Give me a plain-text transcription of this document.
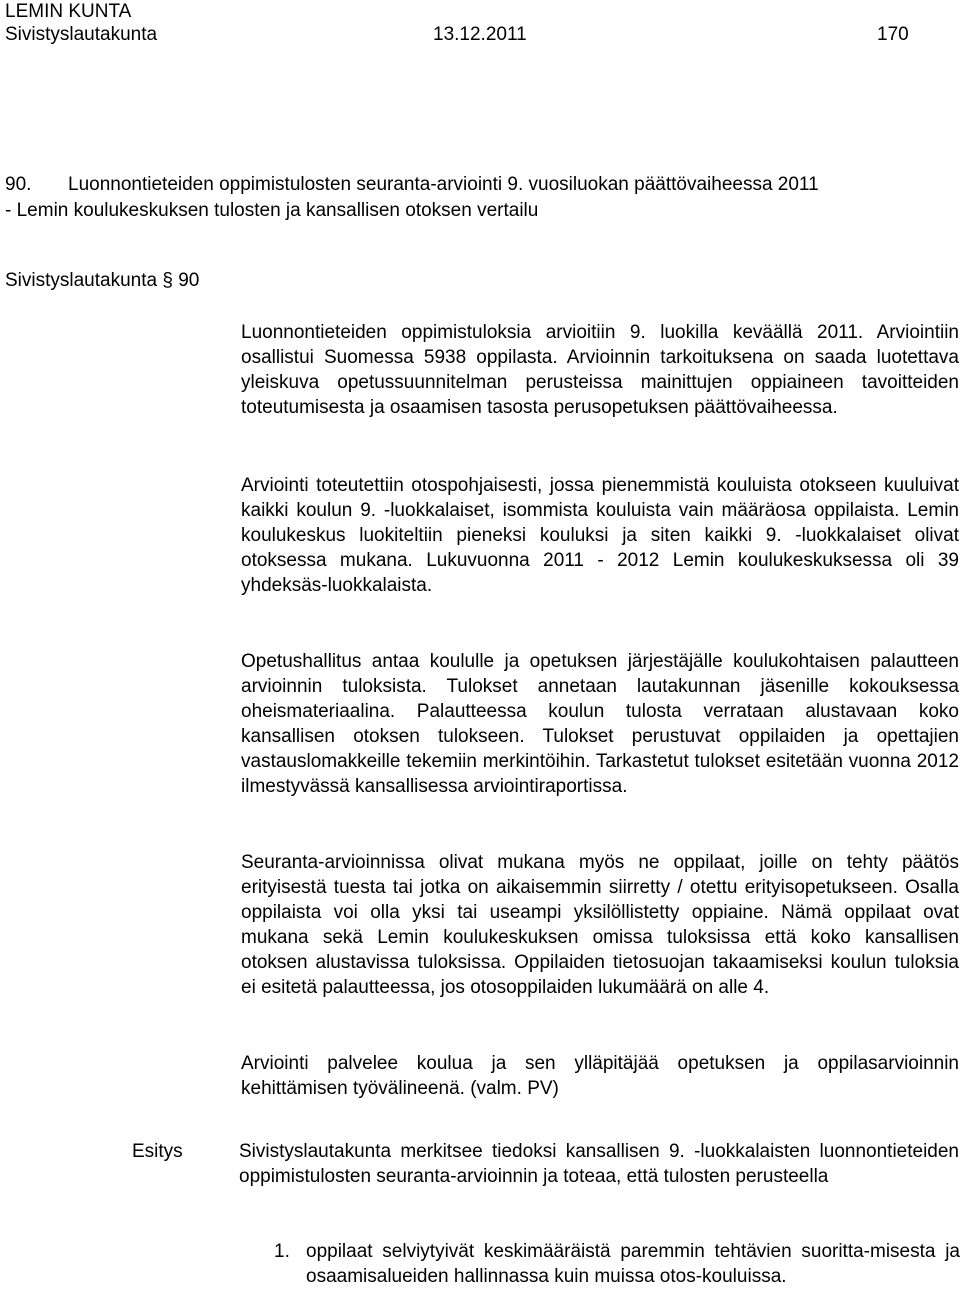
LEMIN KUNTA
Sivistyslautakunta	13.12.2011	170
90. Luonnontieteiden oppimistulosten seuranta-arviointi 9. vuosiluokan päättövaiheessa 2011
- Lemin koulukeskuksen tulosten ja kansallisen otoksen vertailu
Sivistyslautakunta § 90

Luonnontieteiden oppimistuloksia arvioitiin 9. luokilla keväällä 2011. Arviointiin osallistui Suomessa 5938 oppilasta. Arvioinnin tarkoituksena on saada luotettava yleiskuva opetussuunnitelman perusteissa mainittujen oppiaineen tavoitteiden toteutumisesta ja osaamisen tasosta perusopetuksen päättövaiheessa.

Arviointi toteutettiin otospohjaisesti, jossa pienemmistä kouluista otokseen kuuluivat kaikki koulun 9. -luokkalaiset, isommista kouluista vain määräosa oppilaista. Lemin koulukeskus luokiteltiin pieneksi kouluksi ja siten kaikki 9. -luokkalaiset olivat otoksessa mukana. Lukuvuonna 2011 - 2012 Lemin koulukeskuksessa oli 39 yhdeksäs-luokkalaista.

Opetushallitus antaa koululle ja opetuksen järjestäjälle koulukohtaisen palautteen arvioinnin tuloksista. Tulokset annetaan lautakunnan jäsenille kokouksessa oheismateriaalina. Palautteessa koulun tulosta verrataan alustavaan koko kansallisen otoksen tulokseen. Tulokset perustuvat oppilaiden ja opettajien vastauslomakkeille tekemiin merkintöihin. Tarkastetut tulokset esitetään vuonna 2012 ilmestyvässä kansallisessa arviointiraportissa.

Seuranta-arvioinnissa olivat mukana myös ne oppilaat, joille on tehty päätös erityisestä tuesta tai jotka on aikaisemmin siirretty / otettu erityisopetukseen. Osalla oppilaista voi olla yksi tai useampi yksilöllistetty oppiaine. Nämä oppilaat ovat mukana sekä Lemin koulukeskuksen omissa tuloksissa että koko kansallisen otoksen alustavissa tuloksissa. Oppilaiden tietosuojan takaamiseksi koulun tuloksia ei esitetä palautteessa, jos otosoppilaiden lukumäärä on alle 4.

Arviointi palvelee koulua ja sen ylläpitäjää opetuksen ja oppilasarvioinnin kehittämisen työvälineenä. (valm. PV)

Esitys	Sivistyslautakunta merkitsee tiedoksi kansallisen 9. -luokkalaisten luonnontieteiden oppimistulosten seuranta-arvioinnin ja toteaa, että tulosten perusteella
1. oppilaat selviytyivät keskimääräistä paremmin tehtävien suoritta-misesta ja osaamisalueiden hallinnassa kuin muissa otos-kouluissa.
